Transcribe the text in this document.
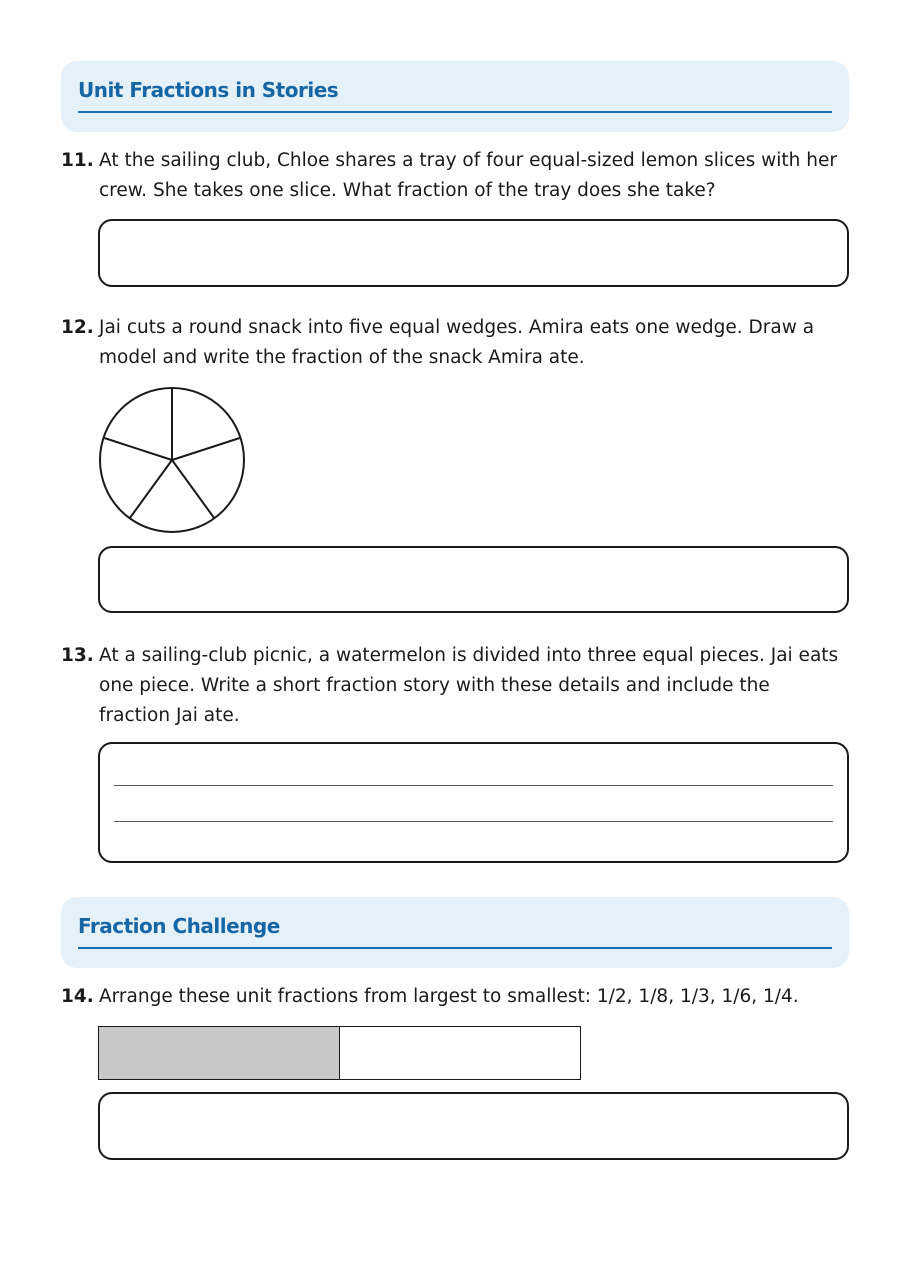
Unit Fractions in Stories
11. At the sailing club, Chloe shares a tray of four equal-sized lemon slices with her crew. She takes one slice. What fraction of the tray does she take?
12. Jai cuts a round snack into five equal wedges. Amira eats one wedge. Draw a model and write the fraction of the snack Amira ate.
13. At a sailing-club picnic, a watermelon is divided into three equal pieces. Jai eats one piece. Write a short fraction story with these details and include the fraction Jai ate.
Fraction Challenge
14. Arrange these unit fractions from largest to smallest: 1/2, 1/8, 1/3, 1/6, 1/4.
